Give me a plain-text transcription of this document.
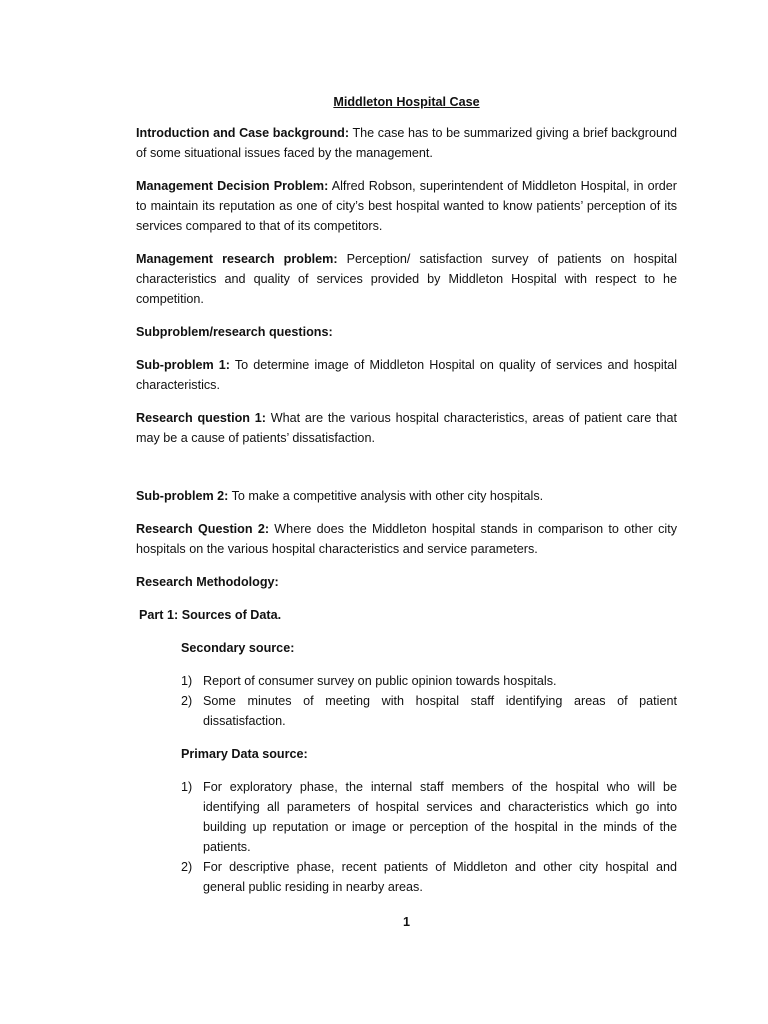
Middleton Hospital Case

Introduction and Case background: The case has to be summarized giving a brief background of some situational issues faced by the management.

Management Decision Problem: Alfred Robson, superintendent of Middleton Hospital, in order to maintain its reputation as one of city’s best hospital wanted to know patients’ perception of its services compared to that of its competitors.

Management research problem: Perception/ satisfaction survey of patients on hospital characteristics and quality of services provided by Middleton Hospital with respect to he competition.

Subproblem/research questions:

Sub-problem 1: To determine image of Middleton Hospital on quality of services and hospital characteristics.

Research question 1: What are the various hospital characteristics, areas of patient care that may be a cause of patients’ dissatisfaction.

Sub-problem 2: To make a competitive analysis with other city hospitals.

Research Question 2: Where does the Middleton hospital stands in comparison to other city hospitals on the various hospital characteristics and service parameters.

Research Methodology:
Part 1: Sources of Data.
Secondary source:
1) Report of consumer survey on public opinion towards hospitals.
2) Some minutes of meeting with hospital staff identifying areas of patient dissatisfaction.
Primary Data source:
1) For exploratory phase, the internal staff members of the hospital who will be identifying all parameters of hospital services and characteristics which go into building up reputation or image or perception of the hospital in the minds of the patients.
2) For descriptive phase, recent patients of Middleton and other city hospital and general public residing in nearby areas.
1
